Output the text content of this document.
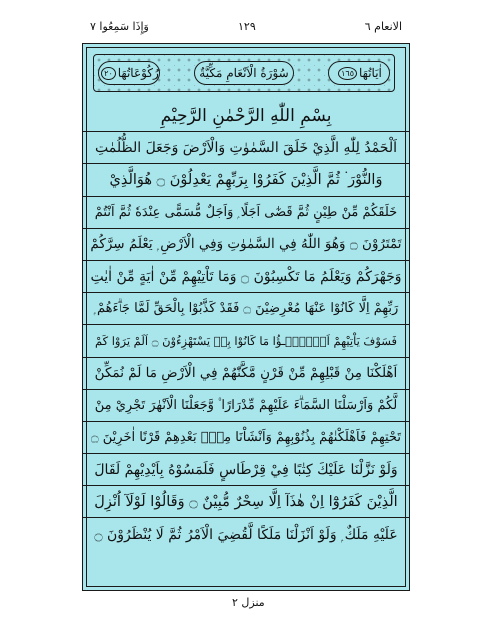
وَإِذَا سَمِعُوا ٧	١٢٩	الانعام ٦
اٰيَاتُهَا
١٦٥
سُوْرَةُ الْاَنْعَامِ مَكِّيَّةٌ
رُكُوْعَاتُهَا
٢٠
بِسْمِ اللّٰهِ الرَّحْمٰنِ الرَّحِيْمِ
اَلْحَمْدُ لِلّٰهِ الَّذِيْ خَلَقَ السَّمٰوٰتِ وَالْاَرْضَ وَجَعَلَ الظُّلُمٰتِ
وَالنُّوْرَ ۬ ثُمَّ الَّذِيْنَ كَفَرُوْا بِرَبِّهِمْ يَعْدِلُوْنَ ۝ هُوَالَّذِيْ
خَلَقَكُمْ مِّنْ طِيْنٍ ثُمَّ قَضٰٓى اَجَلًا ۭ وَاَجَلٌ مُّسَمًّى عِنْدَهٗ ثُمَّ اَنْتُمْ
تَمْتَرُوْنَ ۝ وَهُوَ اللّٰهُ فِي السَّمٰوٰتِ وَفِي الْاَرْضِ ۭ يَعْلَمُ سِرَّكُمْ
وَجَهْرَكُمْ وَيَعْلَمُ مَا تَكْسِبُوْنَ ۝ وَمَا تَاْتِيْهِمْ مِّنْ اٰيَةٍ مِّنْ اٰيٰتِ
رَبِّهِمْ اِلَّا كَانُوْا عَنْهَا مُعْرِضِيْنَ ۝ فَقَدْ كَذَّبُوْا بِالْحَقِّ لَمَّا جَاۗءَهُمْ ۭ
فَسَوْفَ يَاْتِيْهِمْ اَنْۢبٰۗـؤُا مَا كَانُوْا بِهٖ يَسْتَهْزِءُوْنَ ۝ اَلَمْ يَرَوْا كَمْ
اَهْلَكْنَا مِنْ قَبْلِهِمْ مِّنْ قَرْنٍ مَّكَّنّٰهُمْ فِي الْاَرْضِ مَا لَمْ نُمَكِّنْ
لَّكُمْ وَاَرْسَلْنَا السَّمَاۗءَ عَلَيْهِمْ مِّدْرَارًا ۠ وَّجَعَلْنَا الْاَنْهٰرَ تَجْرِيْ مِنْ
تَحْتِهِمْ فَاَهْلَكْنٰهُمْ بِذُنُوْبِهِمْ وَاَنْشَاْنَا مِنْۢ بَعْدِهِمْ قَرْنًا اٰخَرِيْنَ ۝
وَلَوْ نَزَّلْنَا عَلَيْكَ كِتٰبًا فِيْ قِرْطَاسٍ فَلَمَسُوْهُ بِاَيْدِيْهِمْ لَقَالَ
الَّذِيْنَ كَفَرُوْٓا اِنْ هٰذَآ اِلَّا سِحْرٌ مُّبِيْنٌ ۝ وَقَالُوْا لَوْلَآ اُنْزِلَ
عَلَيْهِ مَلَكٌ ۭ وَلَوْ اَنْزَلْنَا مَلَكًا لَّقُضِيَ الْاَمْرُ ثُمَّ لَا يُنْظَرُوْنَ ۝
منزل ٢
